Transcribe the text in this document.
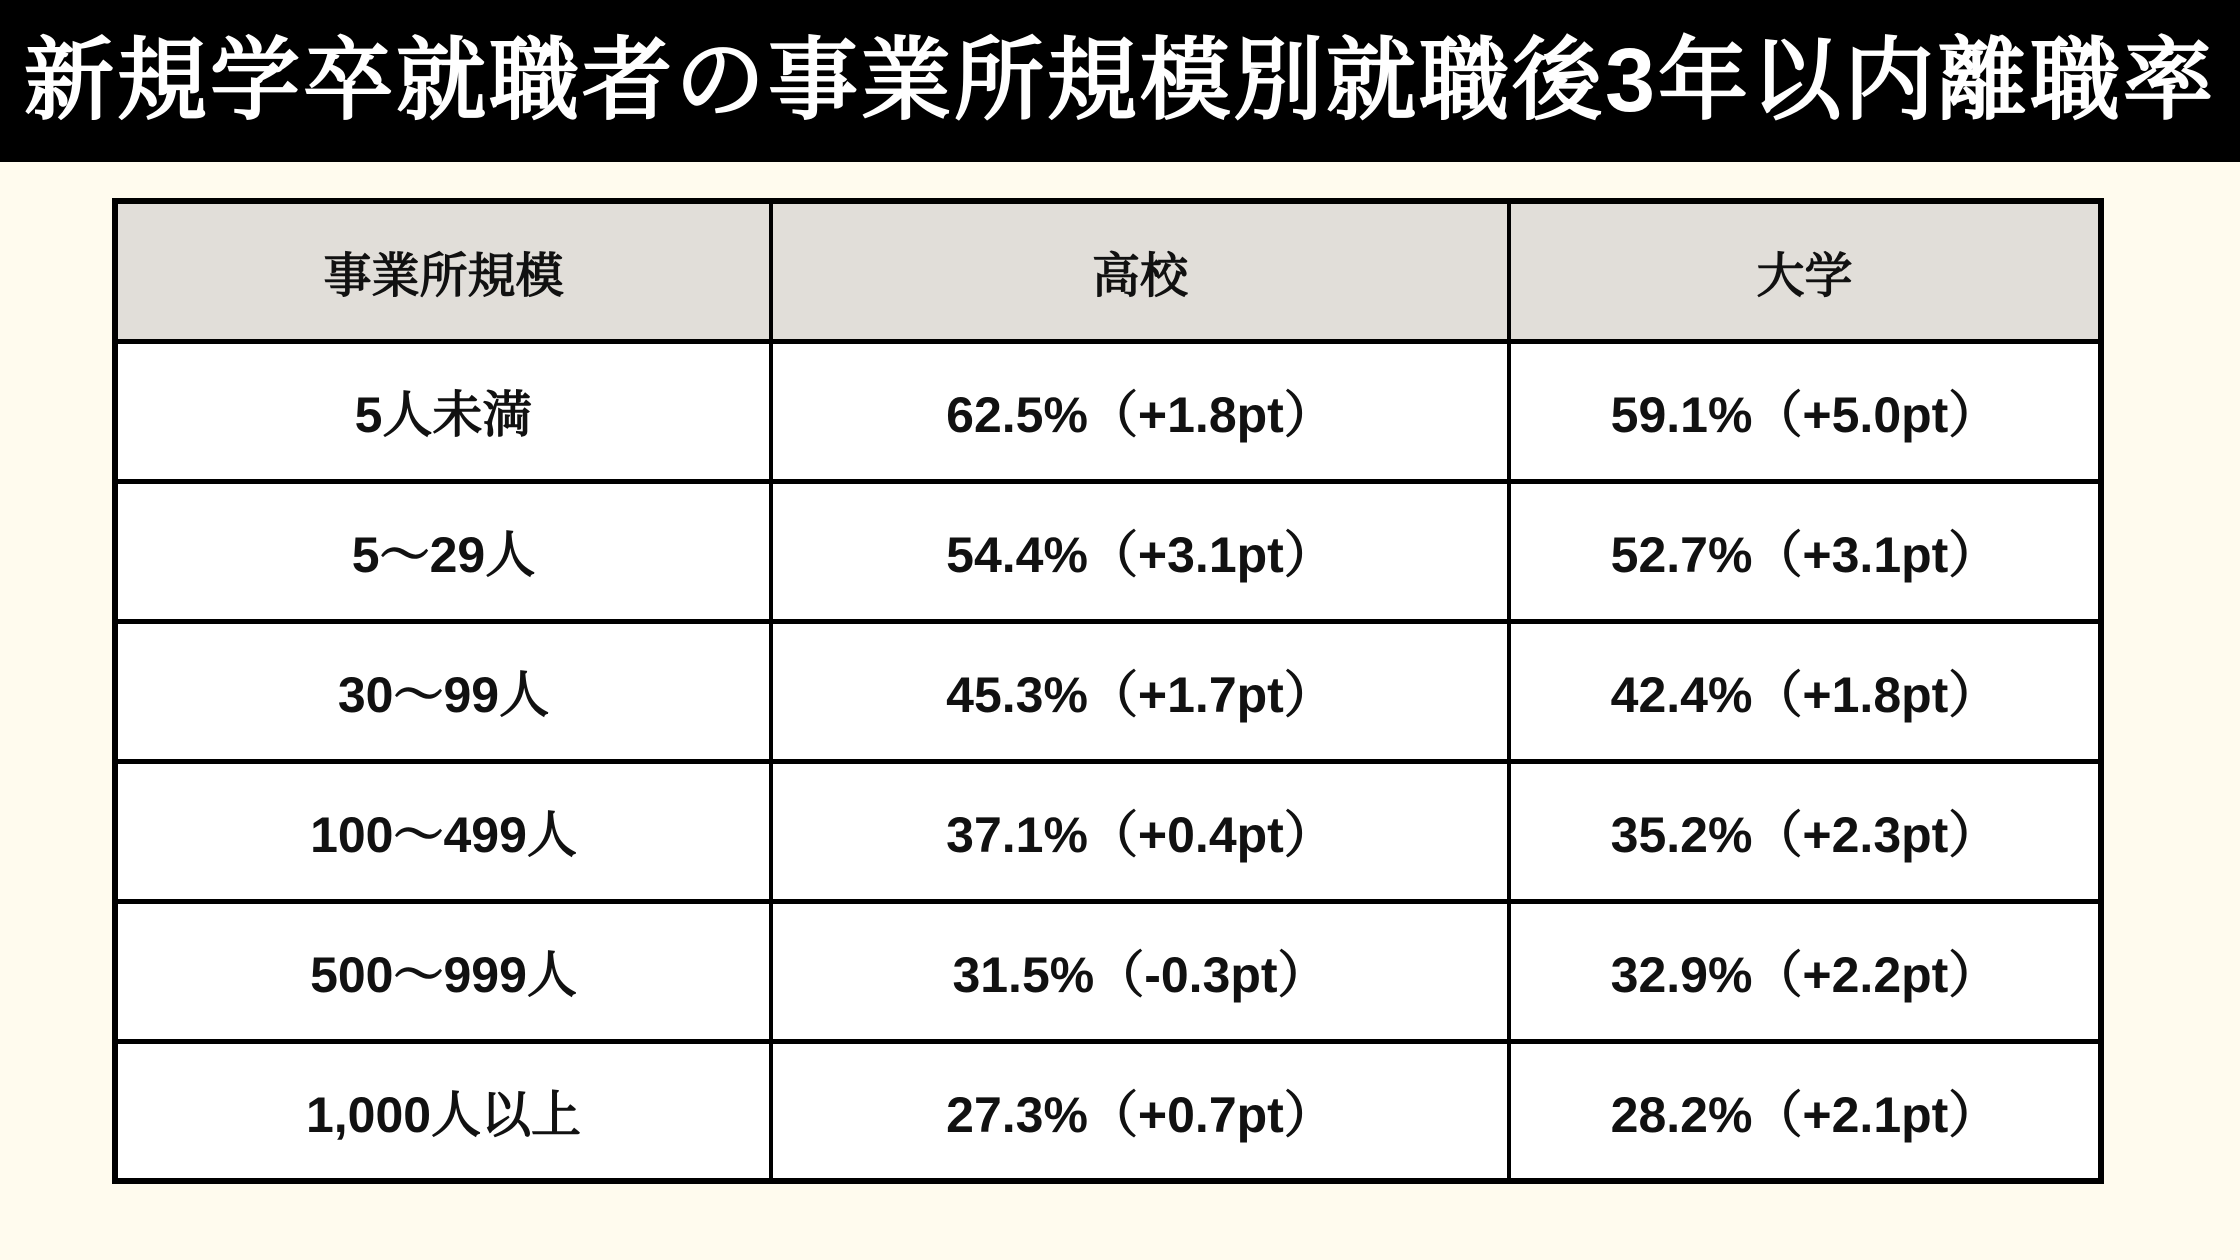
新規学卒就職者の事業所規模別就職後3年以内離職率
事業所規模	高校	大学
5人未満	62.5%（+1.8pt）	59.1%（+5.0pt）
5〜29人	54.4%（+3.1pt）	52.7%（+3.1pt）
30〜99人	45.3%（+1.7pt）	42.4%（+1.8pt）
100〜499人	37.1%（+0.4pt）	35.2%（+2.3pt）
500〜999人	31.5%（-0.3pt）	32.9%（+2.2pt）
1,000人以上	27.3%（+0.7pt）	28.2%（+2.1pt）
